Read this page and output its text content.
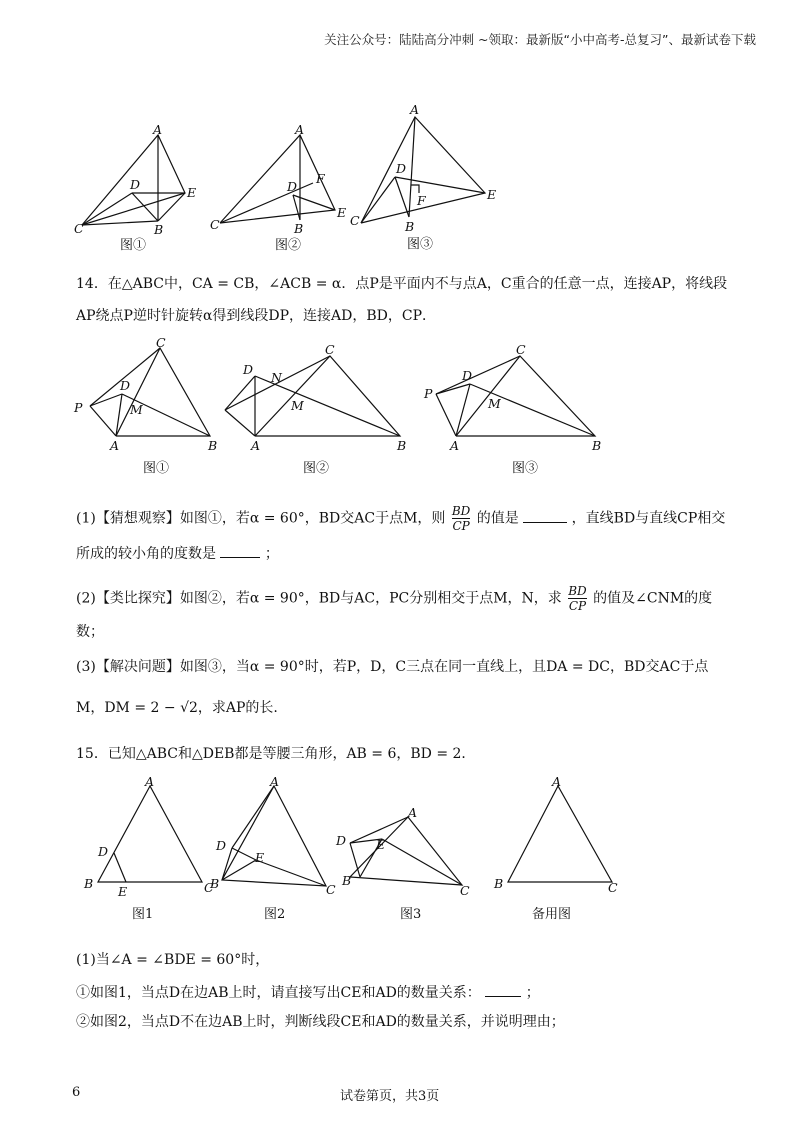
关注公众号：陆陆高分冲刺 ~领取：最新版“小中高考-总复习”、最新试卷下载
A
D
E
C	B
图①
A
D
F
E
C	B
图②
A
D
F	E
C	B
图③
14．在△ABC中，CA = CB，∠ACB = α．点P是平面内不与点A，C重合的任意一点，连接AP，将线段
AP绕点P逆时针旋转α得到线段DP，连接AD，BD，CP．
C
D
M
P
A	B
图①
C
D
N
M
A	B
图②
C
D
M
P
A	B
图③
(1)【猜想观察】如图①，若α = 60°，BD交AC于点M，则 $\frac{BD}{CP}$ 的值是	，直线BD与直线CP相交
所成的较小角的度数是	；
(2)【类比探究】如图②，若α = 90°，BD与AC，PC分别相交于点M，N，求 $\frac{BD}{CP}$ 的值及∠CNM的度
数；
(3)【解决问题】如图③，当α = 90°时，若P，D，C三点在同一直线上，且DA = DC，BD交AC于点
M，DM = 2 − √2，求AP的长.
15．已知△ABC和△DEB都是等腰三角形，AB = 6，BD = 2．
A
D
E
B	C
图1
A
D
E
B	C
图2
A
D E
B
C
图3
A
B	C
备用图
(1)当∠A = ∠BDE = 60°时，
①如图1，当点D在边AB上时，请直接写出CE和AD的数量关系：	；
②如图2，当点D不在边AB上时，判断线段CE和AD的数量关系，并说明理由；
6	试卷第页，共3页
